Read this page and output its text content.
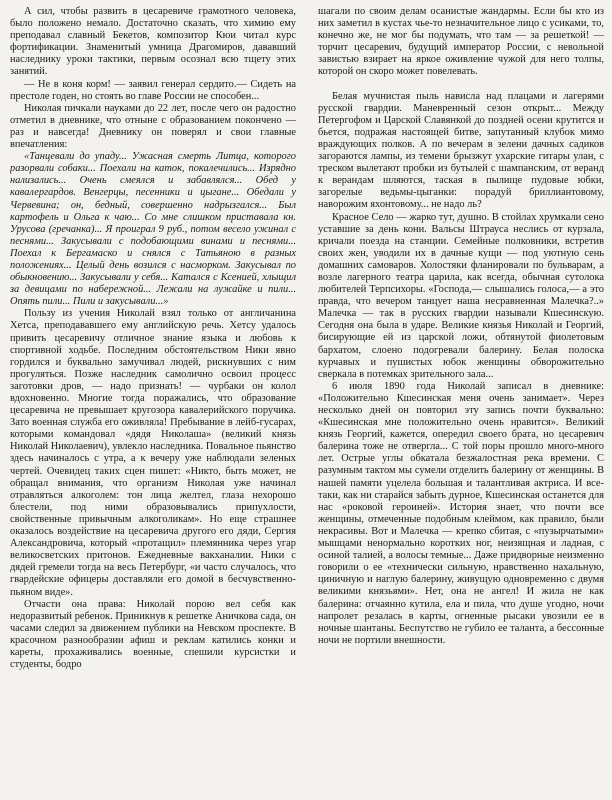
А сил, чтобы развить в цесаревиче грамотного человека, было положено немало. Достаточно сказать, что химию ему преподавал славный Бекетов, композитор Кюи читал курс фортификации. Знаменитый умница Драгомиров, дававший наследнику уроки тактики, первым осознал всю тщету этих занятий.

— Не в коня корм! — заявил генерал сердито.— Сидеть на престоле годен, но стоять во главе России не способен...

Николая пичкали науками до 22 лет, после чего он радостно отметил в дневнике, что отныне с образованием покончено — раз и навсегда! Дневнику он поверял и свои главные впечатления:

«Танцевали до упаду... Ужасная смерть Литца, которого разорвали собаки... Поехали на каток, покалечились... Изрядно нализались... Очень смеялся и забавлялся... Обед у кавалергардов. Венгерцы, песенники и цыгане... Обедали у Червевина; он, бедный, совершенно надрызгался... Был картофель и Ольга к чаю... Со мне слишком приставала кн. Урусова (гречанка)... Я проиграл 9 руб., потом весело ужинал с песнями... Закусывали с подобающими винами и песнями... Поехал к Бергамаско и снялся с Татьяною в разных положениях... Целый день возился с насморком. Закусывал по обыкновению... Закусывали у себя... Катался с Ксенией, хлыщил за девицами по набережной... Лежали на лужайке и пили... Опять пили... Пили и закусывали...»

Пользу из учения Николай взял только от англичанина Хетса, преподававшего ему английскую речь. Хетсу удалось привить цесаревичу отличное знание языка и любовь к спортивной ходьбе. Последним обстоятельством Ники явно гордился и буквально замучивал людей, рискнувших с ним прогуляться. Позже наследник самолично освоил процесс заготовки дров, — надо признать! — чурбаки он колол вдохновенно. Многие тогда поражались, что образование цесаревича не превышает кругозора кавалерийского поручика. Зато военная служба его оживляла! Пребывание в лейб-гусарах, которыми командовал «дядя Николаша» (великий князь Николай Николаевич), увлекло наследника. Повальное пьянство здесь начиналось с утра, а к вечеру уже наблюдали зеленых чертей. Очевидец таких сцен пишет: «Никто, быть может, не обращал внимания, что организм Николая уже начинал отравляться алкоголем: тон лица желтел, глаза нехорошо блестели, под ними образовывались припухлости, свойственные привычным алкоголикам». Но еще страшнее оказалось воздействие на цесаревича другого его дяди, Сергия Александровича, который «протащил» племянника через угар великосветских притонов. Ежедневные вакханалии. Ники с дядей гремели тогда на весь Петербург, «и часто случалось, что гвардейские офицеры доставляли его домой в бесчувственно-пьяном виде».

Отчасти она права: Николай порою вел себя как недоразвитый ребенок. Приникнув к решетке Аничкова сада, он часами следил за движением публики на Невском проспекте. В красочном разнообразии афиш и реклам катились конки и кареты, прохаживались военные, спешили курсистки и студенты, бодро

шагали по своим делам осанистые жандармы. Если бы кто из них заметил в кустах чье-то незначительное лицо с усиками, то, конечно же, не мог бы подумать, что там — за решеткой! — торчит цесаревич, будущий император России, с невольной завистью взирает на яркое оживление чужой для него толпы, которой он скоро может повелевать.

Белая мучнистая пыль нависла над плацами и лагерями русской гвардии. Маневренный сезон открыт... Между Петергофом и Царской Славянкой до поздней осени крутится и бьется, подражая настоящей битве, запутанный клубок мимо враждующих полков. А по вечерам в зелени дачных садиков загораются лампы, из темени брызжут ухарские гитары улан, с треском вылетают пробки из бутылей с шампанским, от веранд к верандам шляются, таская в пылище пудовые юбки, загорелые ведьмы-цыганки: порадуй бриллиантовому, наворожим яхонтовому... не надо ль?

Красное Село — жарко тут, душно. В стойлах хрумкали сено уставшие за день кони. Вальсы Штрауса неслись от курзала, кричали поезда на станции. Семейные полковники, встретив своих жен, уводили их в дачные кущи — под уютную сень домашних самоваров. Холостяки фланировали по бульварам, а возле лагерного театра царила, как всегда, обычная сутолока любителей Терпсихоры. «Господа,— слышались голоса,— а это правда, что вечером танцует наша несравненная Малечка?..» Малечка — так в русских гвардии называли Кшесинскую. Сегодня она была в ударе. Великие князья Николай и Георгий, бисирующие ей из царской ложи, обтянутой фиолетовым бархатом, слоено подогревали балерину. Белая полоска курчавых и пушистых юбок женщины обворожительно сверкала в потемках зрительного зала...

6 июля 1890 года Николай записал в дневнике: «Положительно Кшесинская меня очень занимает». Через несколько дней он повторил эту запись почти буквально: «Кшесинская мне положительно очень нравится». Великий князь Георгий, кажется, опередил своего брата, но цесаревич балерина тоже не отвергла... С той поры прошло много-много лет. Острые углы обкатала безжалостная река времени. С разумным тактом мы сумели отделить балерину от женщины. В нашей памяти уцелела большая и талантливая актриса. И все-таки, как ни старайся забыть дурное, Кшесинская останется для нас «роковой героиней». История знает, что почти все женщины, отмеченные подобным клеймом, как правило, были некрасивы. Вот и Малечка — крепко сбитая, с «пузырчатыми» мышцами ненормально коротких ног, неизящная и ладная, с осиной талией, а волосы темные... Даже придворные неизменно говорили о ее «технически сильную, нравственно нахальную, циничную и наглую балерину, живущую одновременно с двумя великими князьями». Нет, она не ангел! И жила не как балерина: отчаянно кутила, ела и пила, что душе угодно, ночи напролет резалась в карты, огненные рысаки увозили ее в ночные шантаны. Беспутство не губило ее таланта, а бессонные ночи не портили внешности.
